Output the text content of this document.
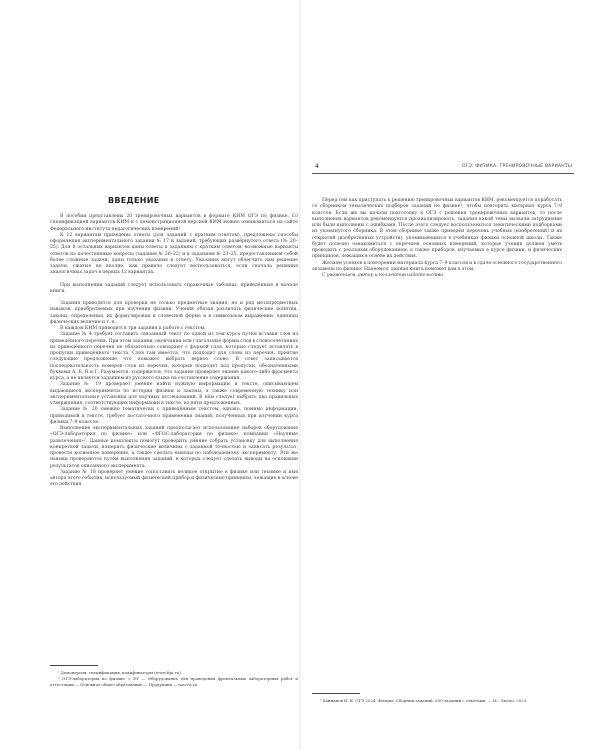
ВВЕДЕНИЕ

В пособии представлены 20 тренировочных вариантов в формате КИМ ОГЭ по физике. Со спецификацией вариантов КИМ и с демонстрационной версией КИМ можно ознакомиться на сайте Федерального института педагогических измерений¹.

К 12 вариантам приведены ответы (для заданий с кратким ответом), предложены способы оформления экспериментального задания № 17 и заданий, требующих развёрнутого ответа (№ 20–25). Для 8 остальных вариантов даны ответы к заданиям с кратким ответом, возможные варианты ответов на качественные вопросы (задания № 20–22) и к заданиям № 23–25, предоставлением собой более сложные задачи, даны только указания к ответу. Указания могут облегчить вам решение задачи, сжатые не вполне, как правило следует воспользоваться, если сначала решения аналогичных задач в первых 12 вариантах.

При выполнении заданий следует использовать справочные таблицы, приведённые в начале книги.

Задания приводятся для проверки не только предметные знания, но и ряд метапредметных навыков, приобретаемых при изучении физики. Ученик обязан различать физические понятия, законы, определения, их формулировки и словесной форме и в символьном выражении, единицы физических величин и т. п.

В каждом КИМ приводится три задания к работе с текстом.

Задание № 4 требует составить связанный текст по одной из тем курса путём вставки слов из приведённого перечня. При этом задании, окончания или глагольные формы слов в словосочетаниях из приведённого перечня не обязательно совпадают с формой слов, которые следует вставлять в пропуски приведённого текста. Слов там имеется, что подходит для слова из перечня, приятие следующие предложение что поможет выбрать верное слово. В ответ записывается последовательность номеров слов из перечня, которые подходят под пропуски, обозначенными буквами А, Б, В и Г. Разумеется, содержится, что задание проверяет знание какого-либо фрагмента курса, а не является заданием из русского языка на составление содержания.

Задание № 19 проверяет умение найти нужную информацию в тексте, описывающем выдающиеся эксперименты по истории физики и законы, а также современную технику или экспериментальные установки для научных исследований. В нём следует выбрать два правильных утверждения, соответствующих информации в тексте, из пяти предложенных.

Задание № 20 смежно тематически с приведённым текстом, однако, помимо информации, приводимой в тексте, требует достаточного применения знаний, полученных при изучении курса физики 7–9 классов.

Выполнение экспериментальных заданий предполагает использование наборов оборудования «ОГЭ-лаборатория по физике» или «ФГОС-лаборатория по физике» компании «Научные развлечения»². Данные комплекты помогут проверить умение собрать установку для выполнения конкретной задачи, измерить физические величины с заданной точностью и записать результат, провести косвенное измерение, а также сделать выводы по наблюдаемому эксперименту. Эти же навыки проверяются путём выполнения заданий, в которых следует сделать выводы на основании результатов описанного эксперимента.

Задание № 18 проверяет умение сопоставить великое открытие в физике или технике и имя автора этого события, используемый физический прибор и физические принципы, лежащие в основе его действия.

¹ Демоверсия, спецификация, кодификаторы (www.fipi.ru).

² ОГЭ-лаборатория по физике = ЕУ — Оборудование для проведения фронтальных лабораторных работ и аттестации — Основное общее образование — Продукция — nau-ra.ru.

4	ОГЭ. ФИЗИКА. ТРЕНИРОВОЧНЫЕ ВАРИАНТЫ

Перед тем как приступать к решению тренировочных вариантов КИМ, рекомендуется поработать со сборником тематических подборок заданий по физике¹, чтобы повторить материал курса 7–9 классов. Если же вы начали подготовку к ОГЭ с решения тренировочных вариантов, то после выполнения вариантов рекомендуется проанализировать, задания какой темы вызвали затруднение или были выполнены с ошибками. После этого следует воспользоваться тематическими подборками из упомянутого сборника. В этом сборнике также приведён перечень учебных (изобретений) и их открытий (изобретённых устройств), упоминающихся в учебниках физики основной школы. Также будет полезно ознакомиться с перечнем основных измерений, которые ученик должен уметь проводить с реальным оборудованием, а также приборов, изучаемых в курсе физики, и физических принципов, лежащих в основе их действия.

Желаем успехов в повторении материала курса 7–9 классов и в сдаче основного государственного экзамена по физике! Надеемся, данная книга поможет вам в этом.

С уважением, автор и коллектив издательства

¹ Ханнанов Н. К. ОГЭ 2024. Физика. Сборник заданий: 850 заданий с ответами. — М.: Эксмо, 2023.
